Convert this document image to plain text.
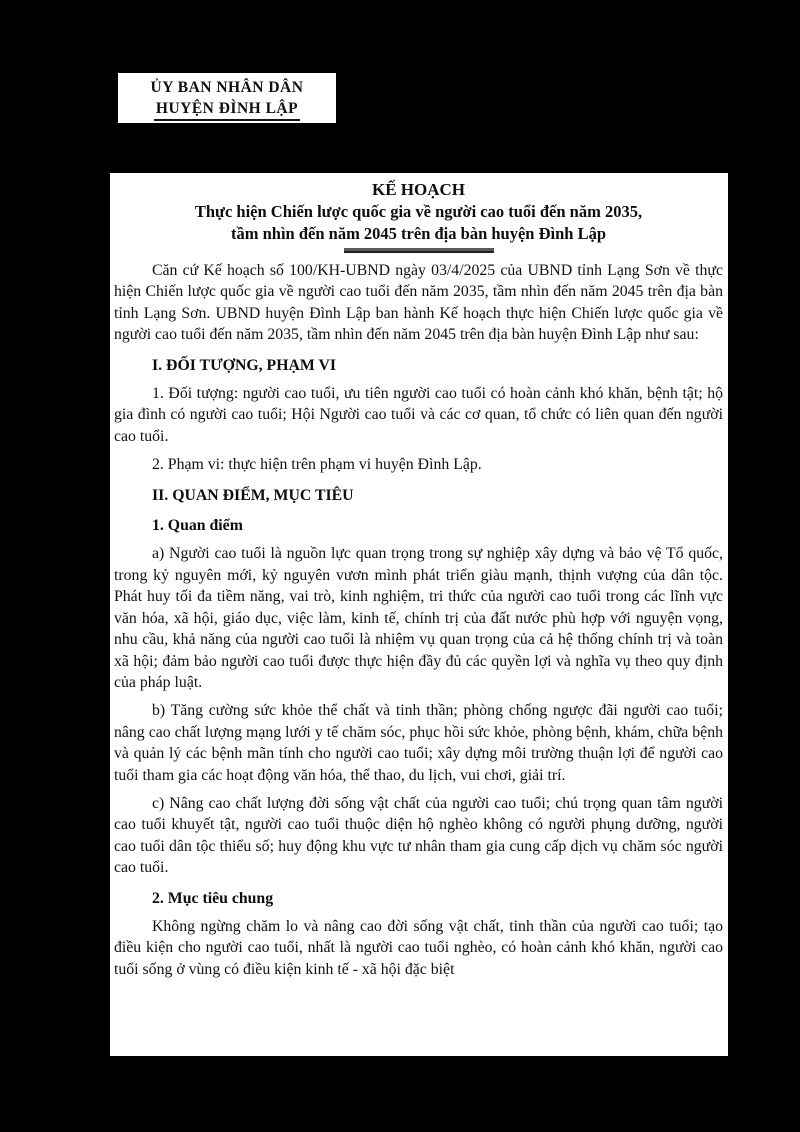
ỦY BAN NHÂN DÂN
HUYỆN ĐÌNH LẬP
KẾ HOẠCH
Thực hiện Chiến lược quốc gia về người cao tuổi đến năm 2035,
tầm nhìn đến năm 2045 trên địa bàn huyện Đình Lập
Căn cứ Kế hoạch số 100/KH-UBND ngày 03/4/2025 của UBND tỉnh Lạng Sơn về thực hiện Chiến lược quốc gia về người cao tuổi đến năm 2035, tầm nhìn đến năm 2045 trên địa bàn tỉnh Lạng Sơn. UBND huyện Đình Lập ban hành Kế hoạch thực hiện Chiến lược quốc gia về người cao tuổi đến năm 2035, tầm nhìn đến năm 2045 trên địa bàn huyện Đình Lập như sau:
I. ĐỐI TƯỢNG, PHẠM VI
1. Đối tượng: người cao tuổi, ưu tiên người cao tuổi có hoàn cảnh khó khăn, bệnh tật; hộ gia đình có người cao tuổi; Hội Người cao tuổi và các cơ quan, tổ chức có liên quan đến người cao tuổi.
2. Phạm vi: thực hiện trên phạm vi huyện Đình Lập.
II. QUAN ĐIỂM, MỤC TIÊU
1. Quan điểm
a) Người cao tuổi là nguồn lực quan trọng trong sự nghiệp xây dựng và bảo vệ Tổ quốc, trong kỷ nguyên mới, kỷ nguyên vươn mình phát triển giàu mạnh, thịnh vượng của dân tộc. Phát huy tối đa tiềm năng, vai trò, kinh nghiệm, tri thức của người cao tuổi trong các lĩnh vực văn hóa, xã hội, giáo dục, việc làm, kinh tế, chính trị của đất nước phù hợp với nguyện vọng, nhu cầu, khả năng của người cao tuổi là nhiệm vụ quan trọng của cả hệ thống chính trị và toàn xã hội; đảm bảo người cao tuổi được thực hiện đầy đủ các quyền lợi và nghĩa vụ theo quy định của pháp luật.
b) Tăng cường sức khỏe thể chất và tinh thần; phòng chống ngược đãi người cao tuổi; nâng cao chất lượng mạng lưới y tế chăm sóc, phục hồi sức khỏe, phòng bệnh, khám, chữa bệnh và quản lý các bệnh mãn tính cho người cao tuổi; xây dựng môi trường thuận lợi để người cao tuổi tham gia các hoạt động văn hóa, thể thao, du lịch, vui chơi, giải trí.
c) Nâng cao chất lượng đời sống vật chất của người cao tuổi; chú trọng quan tâm người cao tuổi khuyết tật, người cao tuổi thuộc diện hộ nghèo không có người phụng dưỡng, người cao tuổi dân tộc thiểu số; huy động khu vực tư nhân tham gia cung cấp dịch vụ chăm sóc người cao tuổi.
2. Mục tiêu chung
Không ngừng chăm lo và nâng cao đời sống vật chất, tinh thần của người cao tuổi; tạo điều kiện cho người cao tuổi, nhất là người cao tuổi nghèo, có hoàn cảnh khó khăn, người cao tuổi sống ở vùng có điều kiện kinh tế - xã hội đặc biệt
